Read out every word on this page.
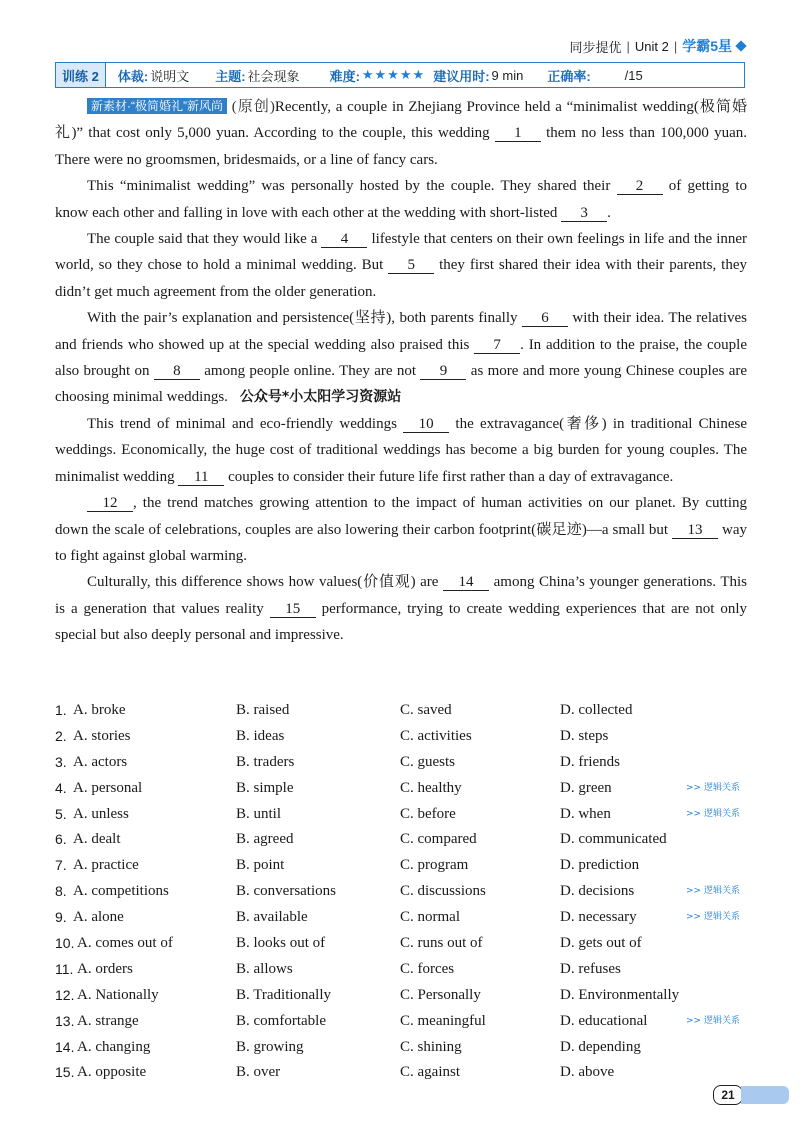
同步提优 | Unit 2 | 学霸5星
训练 2	体裁: 说明文 主题: 社会现象 难度: ★★★★★ 建议用时: 9 min 正确率:	/15

新素材·“极简婚礼”新风尚 (原创)Recently, a couple in Zhejiang Province held a “minimalist wedding(极简婚礼)” that cost only 5,000 yuan. According to the couple, this wedding 1 them no less than 100,000 yuan. There were no groomsmen, bridesmaids, or a line of fancy cars.

This “minimalist wedding” was personally hosted by the couple. They shared their 2 of getting to know each other and falling in love with each other at the wedding with short-listed 3 .

The couple said that they would like a 4 lifestyle that centers on their own feelings in life and the inner world, so they chose to hold a minimal wedding. But 5 they first shared their idea with their parents, they didn’t get much agreement from the older generation.

With the pair’s explanation and persistence(坚持), both parents finally 6 with their idea. The relatives and friends who showed up at the special wedding also praised this 7 . In addition to the praise, the couple also brought on 8 among people online. They are not 9 as more and more young Chinese couples are choosing minimal weddings. 公众号*小太阳学习资源站

This trend of minimal and eco-friendly weddings 10 the extravagance(奢侈) in traditional Chinese weddings. Economically, the huge cost of traditional weddings has become a big burden for young couples. The minimalist wedding 11 couples to consider their future life first rather than a day of extravagance.

12 , the trend matches growing attention to the impact of human activities on our planet. By cutting down the scale of celebrations, couples are also lowering their carbon footprint(碳足迹)—a small but 13 way to fight against global warming.

Culturally, this difference shows how values(价值观) are 14 among China’s younger generations. This is a generation that values reality 15 performance, trying to create wedding experiences that are not only special but also deeply personal and impressive.

1. A. broke	B. raised	C. saved	D. collected
2. A. stories	B. ideas	C. activities	D. steps
3. A. actors	B. traders	C. guests	D. friends
4. A. personal	B. simple	C. healthy	D. green	>> 逻辑关系
5. A. unless	B. until	C. before	D. when	>> 逻辑关系
6. A. dealt	B. agreed	C. compared	D. communicated
7. A. practice	B. point	C. program	D. prediction
8. A. competitions	B. conversations	C. discussions	D. decisions	>> 逻辑关系
9. A. alone	B. available	C. normal	D. necessary	>> 逻辑关系
10. A. comes out of	B. looks out of	C. runs out of	D. gets out of
11. A. orders	B. allows	C. forces	D. refuses
12. A. Nationally	B. Traditionally	C. Personally	D. Environmentally
13. A. strange	B. comfortable	C. meaningful	D. educational	>> 逻辑关系
14. A. changing	B. growing	C. shining	D. depending
15. A. opposite	B. over	C. against	D. above
21
